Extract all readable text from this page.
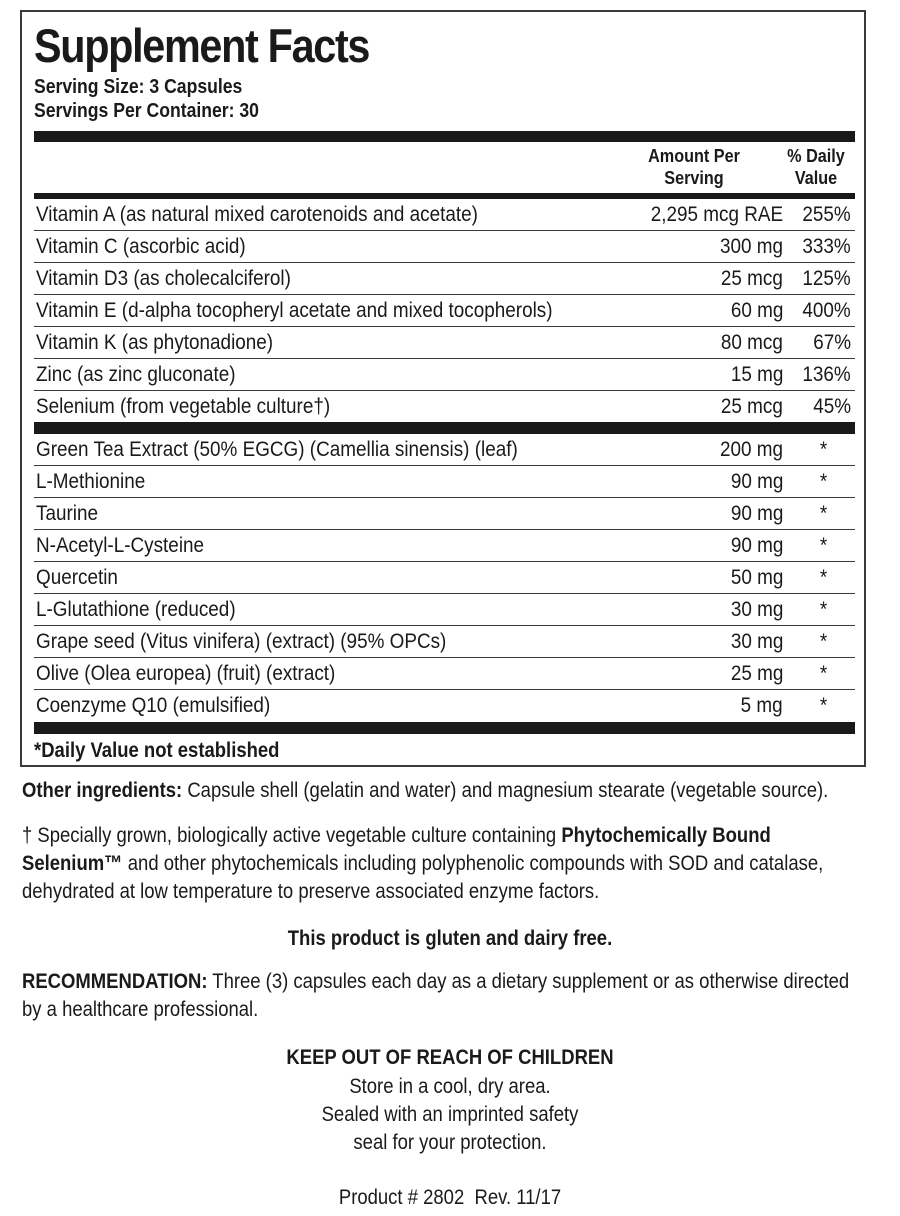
Supplement Facts
Serving Size: 3 Capsules
Servings Per Container: 30
Amount Per
Serving
% Daily
Value
Vitamin A (as natural mixed carotenoids and acetate)	2,295 mcg RAE 255%
Vitamin C (ascorbic acid)	300 mg 333%
Vitamin D3 (as cholecalciferol)	25 mcg 125%
Vitamin E (d-alpha tocopheryl acetate and mixed tocopherols)	60 mg 400%
Vitamin K (as phytonadione)	80 mcg 67%
Zinc (as zinc gluconate)	15 mg 136%
Selenium (from vegetable culture†)	25 mcg 45%
Green Tea Extract (50% EGCG) (Camellia sinensis) (leaf)	200 mg *
L-Methionine	90 mg *
Taurine	90 mg *
N-Acetyl-L-Cysteine	90 mg *
Quercetin	50 mg *
L-Glutathione (reduced)	30 mg *
Grape seed (Vitus vinifera) (extract) (95% OPCs)	30 mg *
Olive (Olea europea) (fruit) (extract)	25 mg *
Coenzyme Q10 (emulsified)	5 mg *
*Daily Value not established
Other ingredients: Capsule shell (gelatin and water) and magnesium stearate (vegetable source).
† Specially grown, biologically active vegetable culture containing Phytochemically Bound Selenium™ and other phytochemicals including polyphenolic compounds with SOD and catalase, dehydrated at low temperature to preserve associated enzyme factors.
This product is gluten and dairy free.
RECOMMENDATION: Three (3) capsules each day as a dietary supplement or as otherwise directed by a healthcare professional.
KEEP OUT OF REACH OF CHILDREN
Store in a cool, dry area.
Sealed with an imprinted safety
seal for your protection.
Product # 2802  Rev. 11/17
